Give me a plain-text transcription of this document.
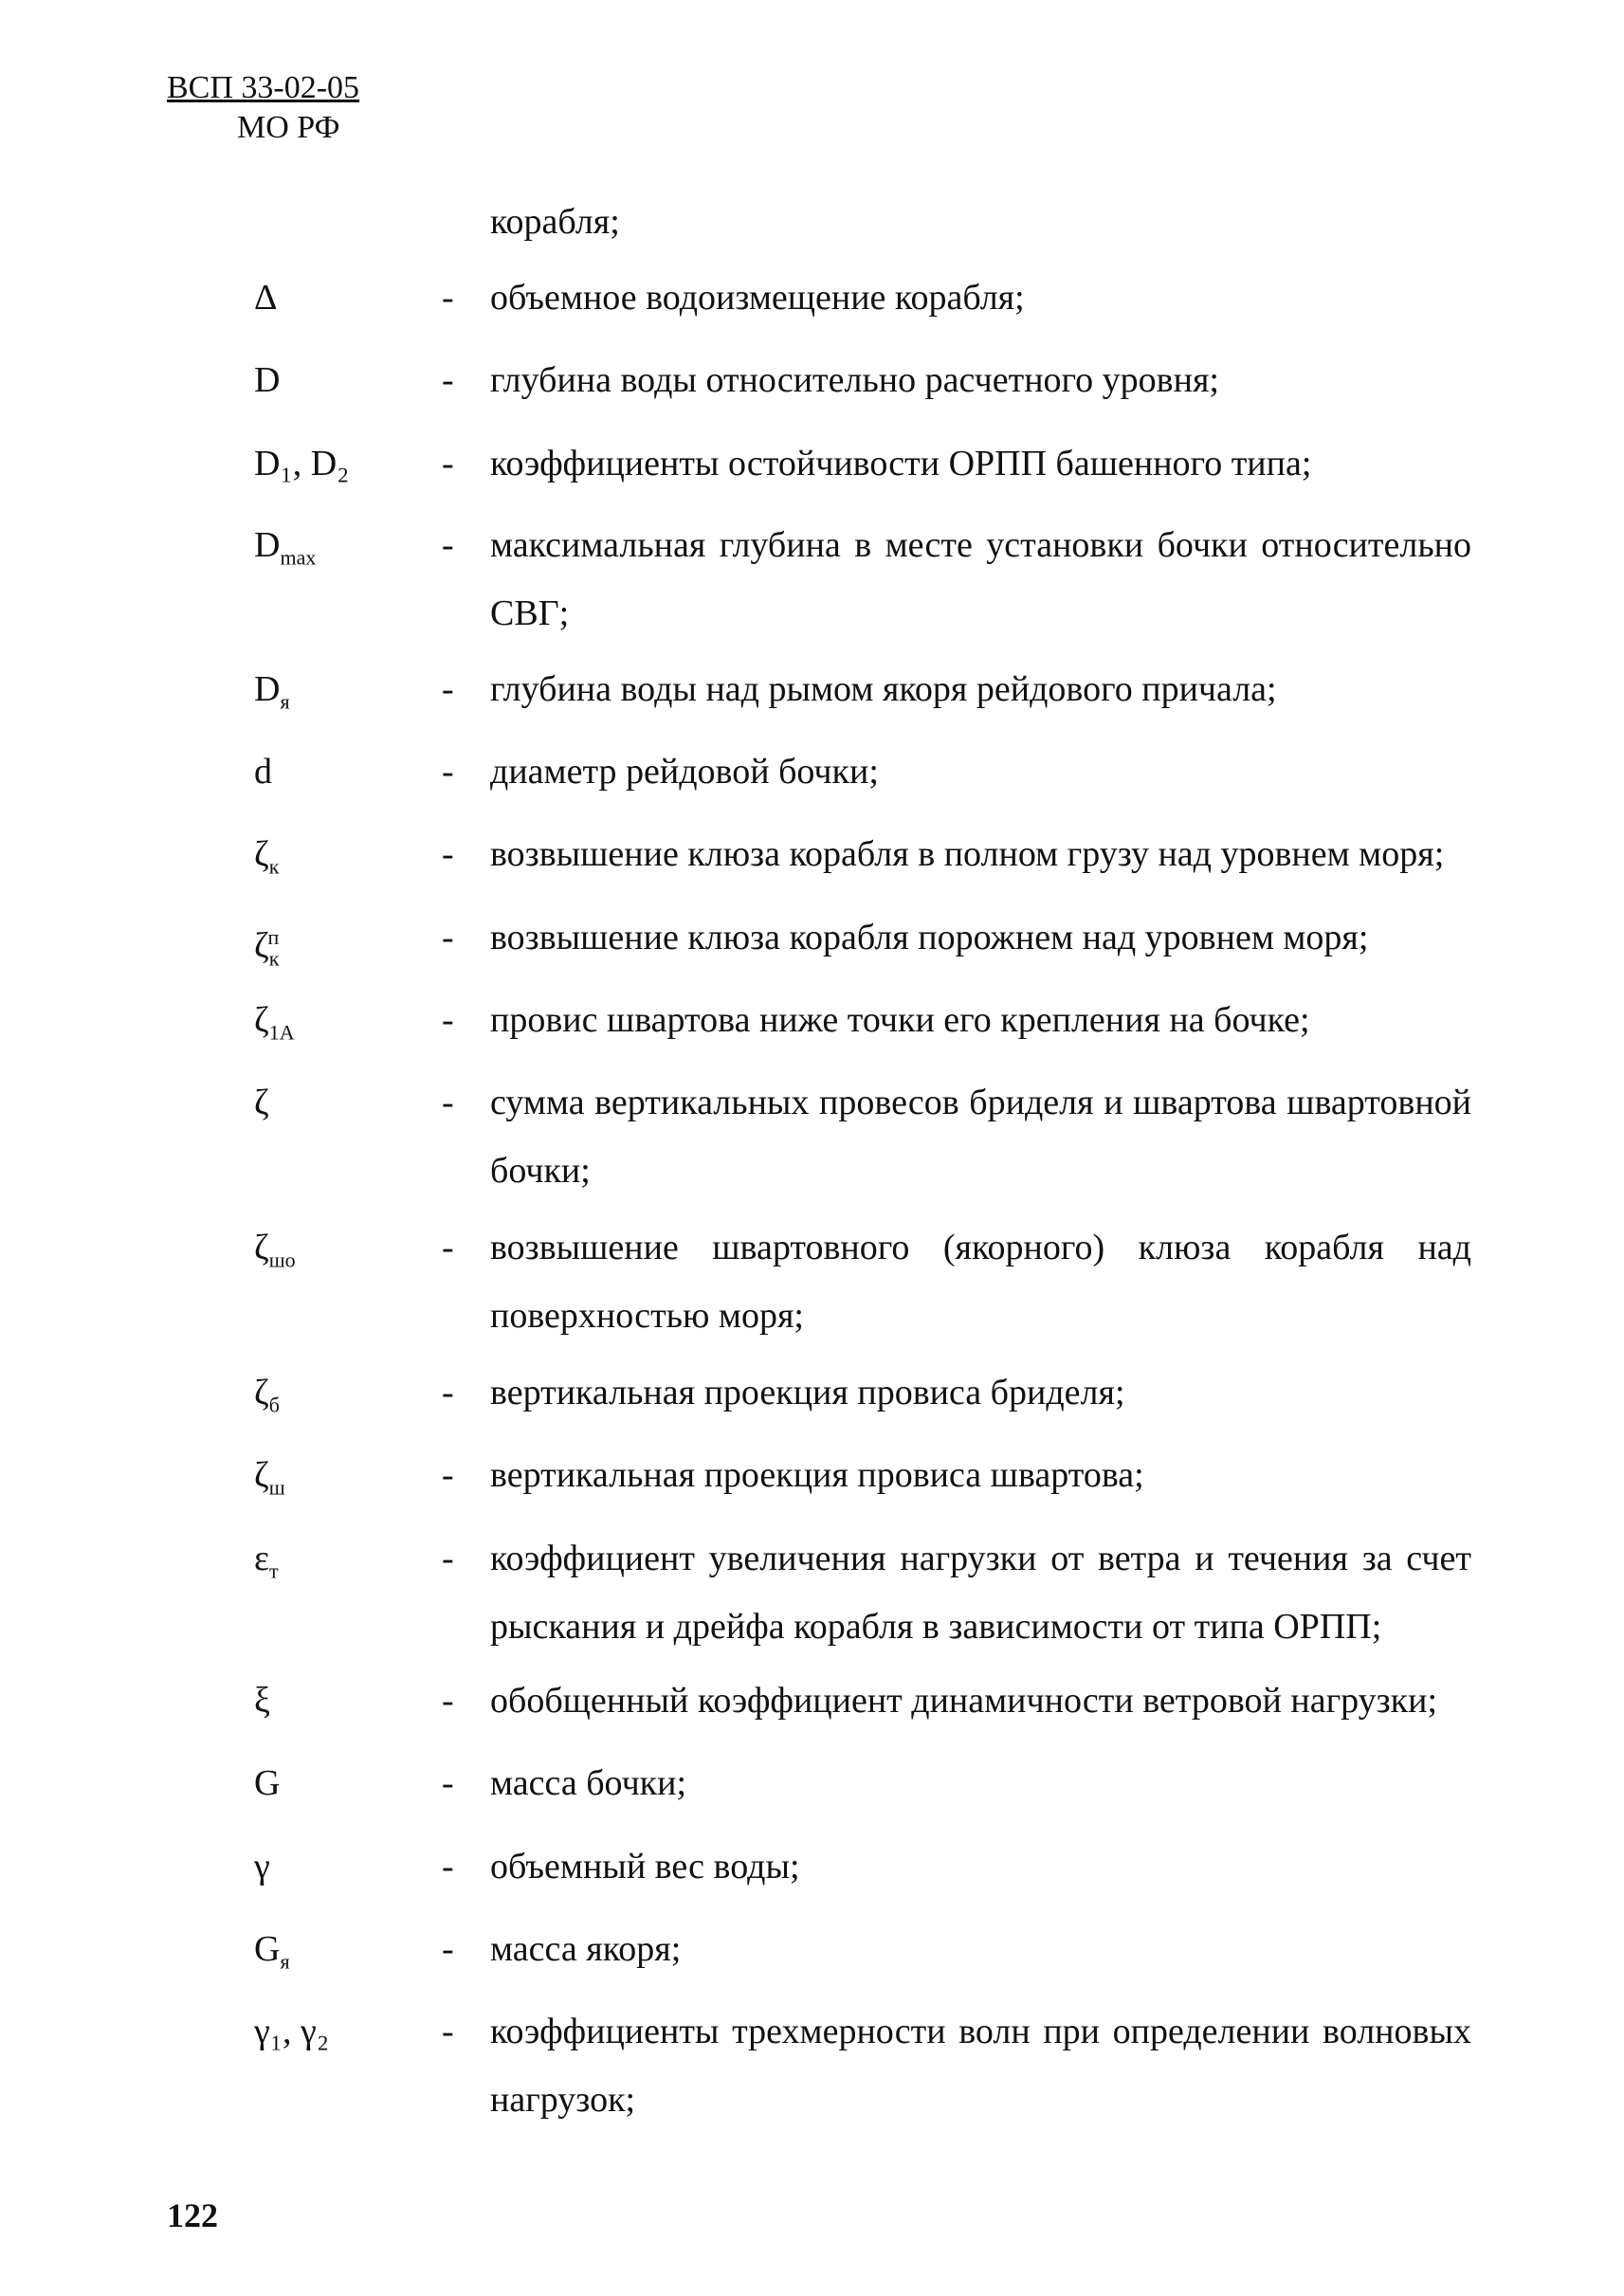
ВСП 33-02-05
МО РФ
корабля;
Δ	- объемное водоизмещение корабля;
D	- глубина воды относительно расчетного уровня;
D₁, D₂	- коэффициенты остойчивости ОРПП башенного типа;
$D_{max}$	- максимальная глубина в месте установки бочки относительно СВГ;
$D_я$	- глубина воды над рымом якоря рейдового причала;
d	- диаметр рейдовой бочки;
$\zeta_к$	- возвышение клюза корабля в полном грузу над уровнем моря;
$\zeta_к^п$	- возвышение клюза корабля порожнем над уровнем моря;
$\zeta_{1А}$	- провис швартова ниже точки его крепления на бочке;
ζ	- сумма вертикальных провесов бриделя и швартова швартовной бочки;
$\zeta_{шо}$	- возвышение швартовного (якорного) клюза корабля над поверхностью моря;
$\zeta_б$	- вертикальная проекция провиса бриделя;
$\zeta_ш$	- вертикальная проекция провиса швартова;
$\varepsilon_т$	- коэффициент увеличения нагрузки от ветра и течения за счет рыскания и дрейфа корабля в зависимости от типа ОРПП;
ξ	- обобщенный коэффициент динамичности ветровой нагрузки;
G	- масса бочки;
γ	- объемный вес воды;
$G_я$	- масса якоря;
γ₁, γ₂	- коэффициенты трехмерности волн при определении волновых нагрузок;
122
